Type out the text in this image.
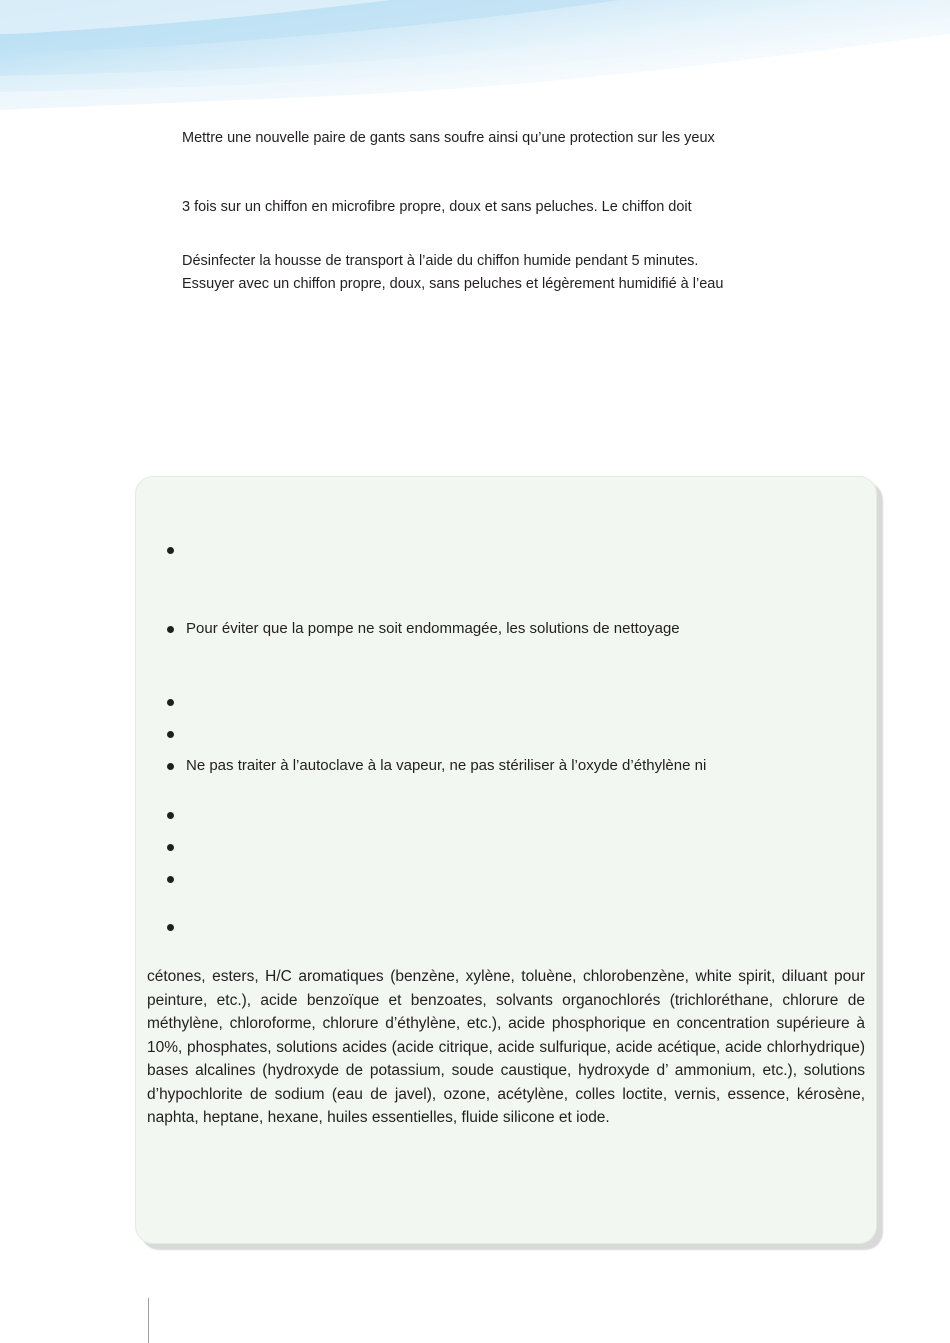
Mettre une nouvelle paire de gants sans soufre ainsi qu’une protection sur les yeux

3 fois sur un chiffon en microfibre propre, doux et sans peluches. Le chiffon doit

Désinfecter la housse de transport à l’aide du chiffon humide pendant 5 minutes.

Essuyer avec un chiffon propre, doux, sans peluches et légèrement humidifié à l’eau

Pour éviter que la pompe ne soit endommagée, les solutions de nettoyage
Ne pas traiter à l’autoclave à la vapeur, ne pas stériliser à l’oxyde d’éthylène ni
cétones, esters, H/C aromatiques (benzène, xylène, toluène, chlorobenzène, white spirit, diluant pour peinture, etc.), acide benzoïque et benzoates, solvants organochlorés (trichloréthane, chlorure de méthylène, chloroforme, chlorure d’éthylène, etc.), acide phosphorique en concentration supérieure à 10%, phosphates, solutions acides (acide citrique, acide sulfurique, acide acétique, acide chlorhydrique) bases alcalines (hydroxyde de potassium, soude caustique, hydroxyde d’ ammonium, etc.), solutions d’hypochlorite de sodium (eau de javel), ozone, acétylène, colles loctite, vernis, essence, kérosène, naphta, heptane, hexane, huiles essentielles, fluide silicone et iode.
